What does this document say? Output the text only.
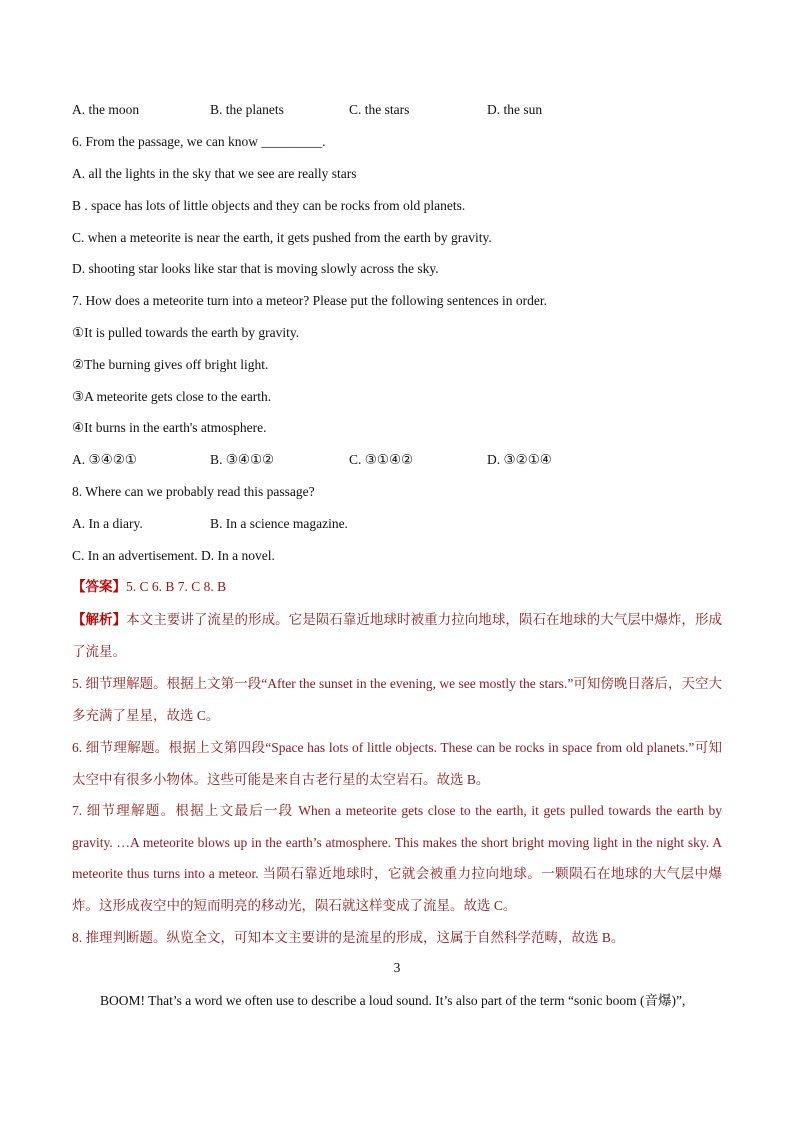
A. the moon	B. the planets	C. the stars	D. the sun
6. From the passage, we can know _________.
A. all the lights in the sky that we see are really stars
B . space has lots of little objects and they can be rocks from old planets.
C. when a meteorite is near the earth, it gets pushed from the earth by gravity.
D. shooting star looks like star that is moving slowly across the sky.
7. How does a meteorite turn into a meteor? Please put the following sentences in order.
①It is pulled towards the earth by gravity.
②The burning gives off bright light.
③A meteorite gets close to the earth.
④It burns in the earth's atmosphere.
A. ③④②①	B. ③④①②	C. ③①④②	D. ③②①④
8. Where can we probably read this passage?
A. In a diary.	B. In a science magazine.
C. In an advertisement. D. In a novel.
【答案】5. C 6. B 7. C 8. B
【解析】本文主要讲了流星的形成。它是陨石靠近地球时被重力拉向地球，陨石在地球的大气层中爆炸，形成了流星。
5. 细节理解题。根据上文第一段“After the sunset in the evening, we see mostly the stars.”可知傍晚日落后，天空大多充满了星星，故选 C。
6. 细节理解题。根据上文第四段“Space has lots of little objects. These can be rocks in space from old planets.”可知太空中有很多小物体。这些可能是来自古老行星的太空岩石。故选 B。
7. 细节理解题。根据上文最后一段 When a meteorite gets close to the earth, it gets pulled towards the earth by gravity. …A meteorite blows up in the earth’s atmosphere. This makes the short bright moving light in the night sky. A meteorite thus turns into a meteor. 当陨石靠近地球时，它就会被重力拉向地球。一颗陨石在地球的大气层中爆炸。这形成夜空中的短而明亮的移动光，陨石就这样变成了流星。故选 C。
8. 推理判断题。纵览全文，可知本文主要讲的是流星的形成，这属于自然科学范畴，故选 B。
3
BOOM! That’s a word we often use to describe a loud sound. It’s also part of the term “sonic boom (音爆)”,
